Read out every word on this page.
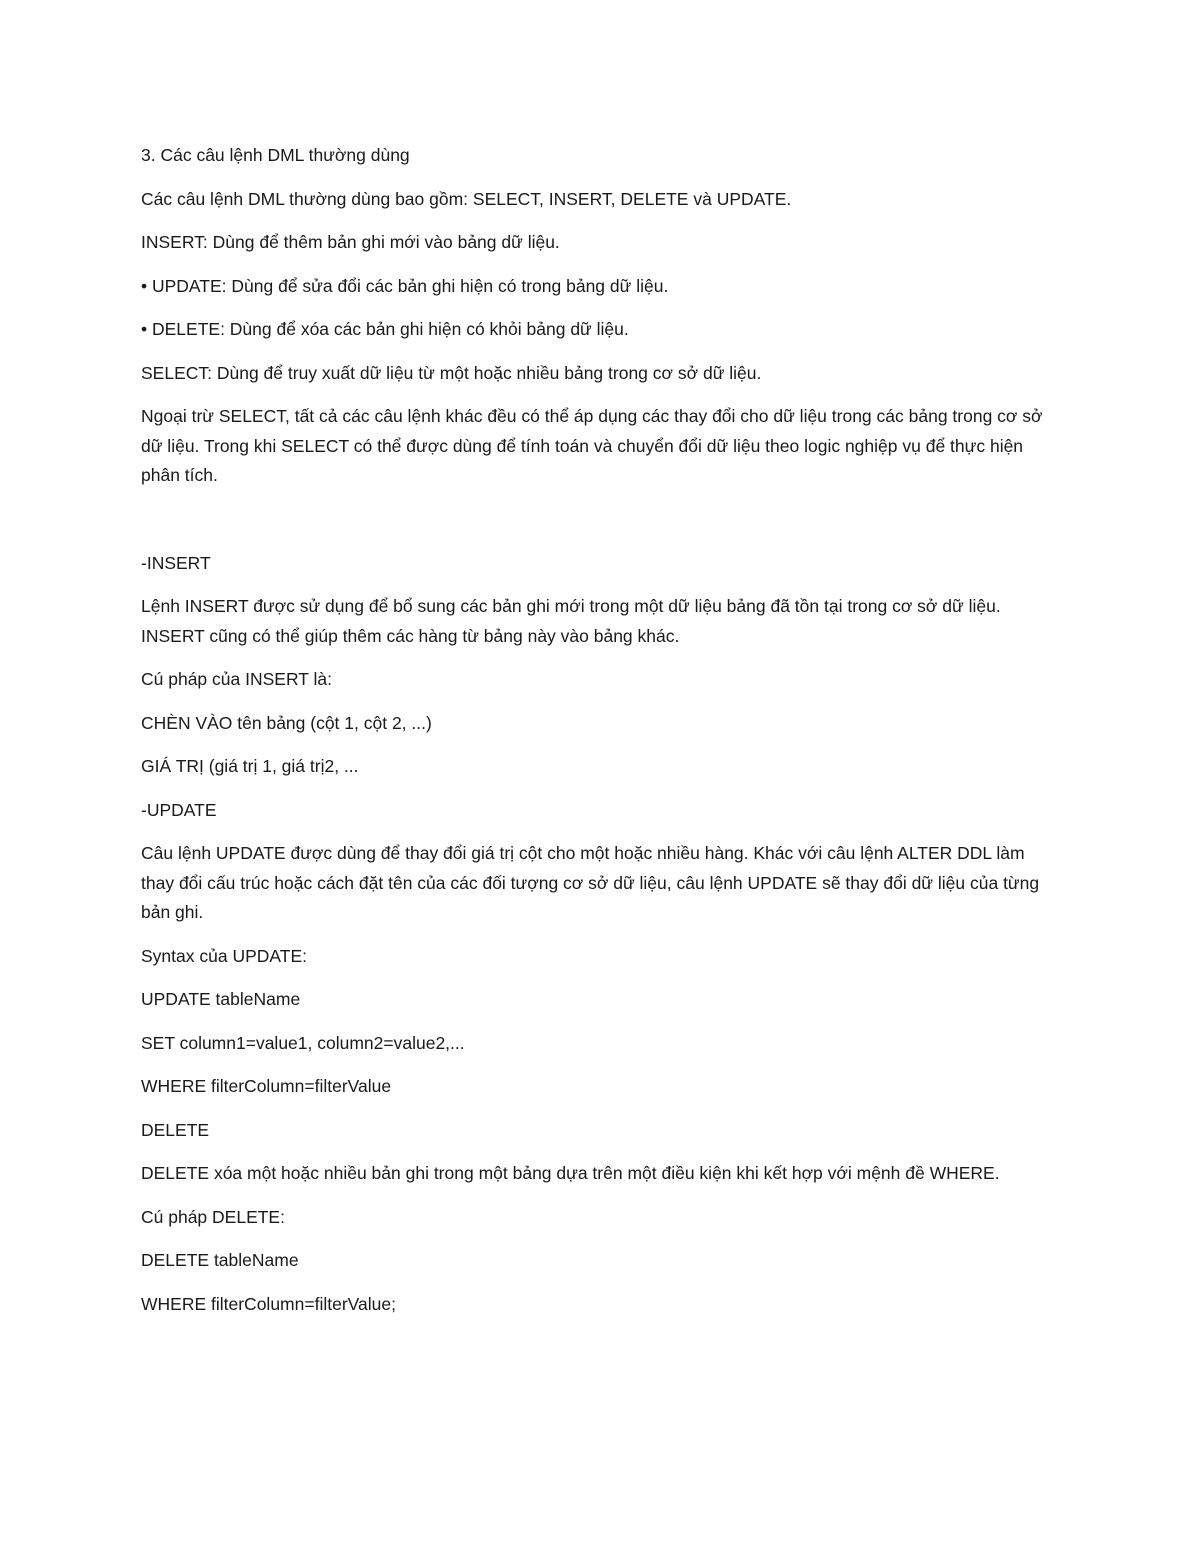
3. Các câu lệnh DML thường dùng

Các câu lệnh DML thường dùng bao gồm: SELECT, INSERT, DELETE và UPDATE.

INSERT: Dùng để thêm bản ghi mới vào bảng dữ liệu.

• UPDATE: Dùng để sửa đổi các bản ghi hiện có trong bảng dữ liệu.

• DELETE: Dùng để xóa các bản ghi hiện có khỏi bảng dữ liệu.

SELECT: Dùng để truy xuất dữ liệu từ một hoặc nhiều bảng trong cơ sở dữ liệu.

Ngoại trừ SELECT, tất cả các câu lệnh khác đều có thể áp dụng các thay đổi cho dữ liệu trong các bảng trong cơ sở dữ liệu. Trong khi SELECT có thể được dùng để tính toán và chuyển đổi dữ liệu theo logic nghiệp vụ để thực hiện phân tích.

-INSERT

Lệnh INSERT được sử dụng để bổ sung các bản ghi mới trong một dữ liệu bảng đã tồn tại trong cơ sở dữ liệu. INSERT cũng có thể giúp thêm các hàng từ bảng này vào bảng khác.

Cú pháp của INSERT là:

CHÈN VÀO tên bảng (cột 1, cột 2, ...)

GIÁ TRỊ (giá trị 1, giá trị2, ...

-UPDATE

Câu lệnh UPDATE được dùng để thay đổi giá trị cột cho một hoặc nhiều hàng. Khác với câu lệnh ALTER DDL làm thay đổi cấu trúc hoặc cách đặt tên của các đối tượng cơ sở dữ liệu, câu lệnh UPDATE sẽ thay đổi dữ liệu của từng bản ghi.

Syntax của UPDATE:

UPDATE tableName

SET column1=value1, column2=value2,...

WHERE filterColumn=filterValue

DELETE

DELETE xóa một hoặc nhiều bản ghi trong một bảng dựa trên một điều kiện khi kết hợp với mệnh đề WHERE.

Cú pháp DELETE:

DELETE tableName

WHERE filterColumn=filterValue;
